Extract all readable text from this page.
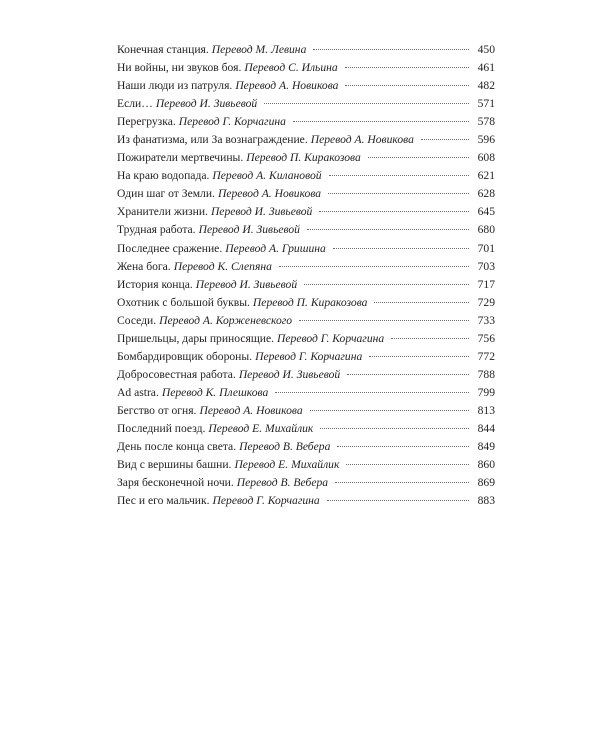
Конечная станция. Перевод М. Левина	450
Ни войны, ни звуков боя. Перевод С. Ильина	461
Наши люди из патруля. Перевод А. Новикова	482
Если… Перевод И. Зивьевой	571
Перегрузка. Перевод Г. Корчагина	578
Из фанатизма, или За вознаграждение. Перевод А. Новикова	596
Пожиратели мертвечины. Перевод П. Киракозова	608
На краю водопада. Перевод А. Килановой	621
Один шаг от Земли. Перевод А. Новикова	628
Хранители жизни. Перевод И. Зивьевой	645
Трудная работа. Перевод И. Зивьевой	680
Последнее сражение. Перевод А. Гришина	701
Жена бога. Перевод К. Слепяна	703
История конца. Перевод И. Зивьевой	717
Охотник с большой буквы. Перевод П. Киракозова	729
Соседи. Перевод А. Корженевского	733
Пришельцы, дары приносящие. Перевод Г. Корчагина	756
Бомбардировщик обороны. Перевод Г. Корчагина	772
Добросовестная работа. Перевод И. Зивьевой	788
Ad astra. Перевод К. Плешкова	799
Бегство от огня. Перевод А. Новикова	813
Последний поезд. Перевод Е. Михайлик	844
День после конца света. Перевод В. Вебера	849
Вид с вершины башни. Перевод Е. Михайлик	860
Заря бесконечной ночи. Перевод В. Вебера	869
Пес и его мальчик. Перевод Г. Корчагина	883
